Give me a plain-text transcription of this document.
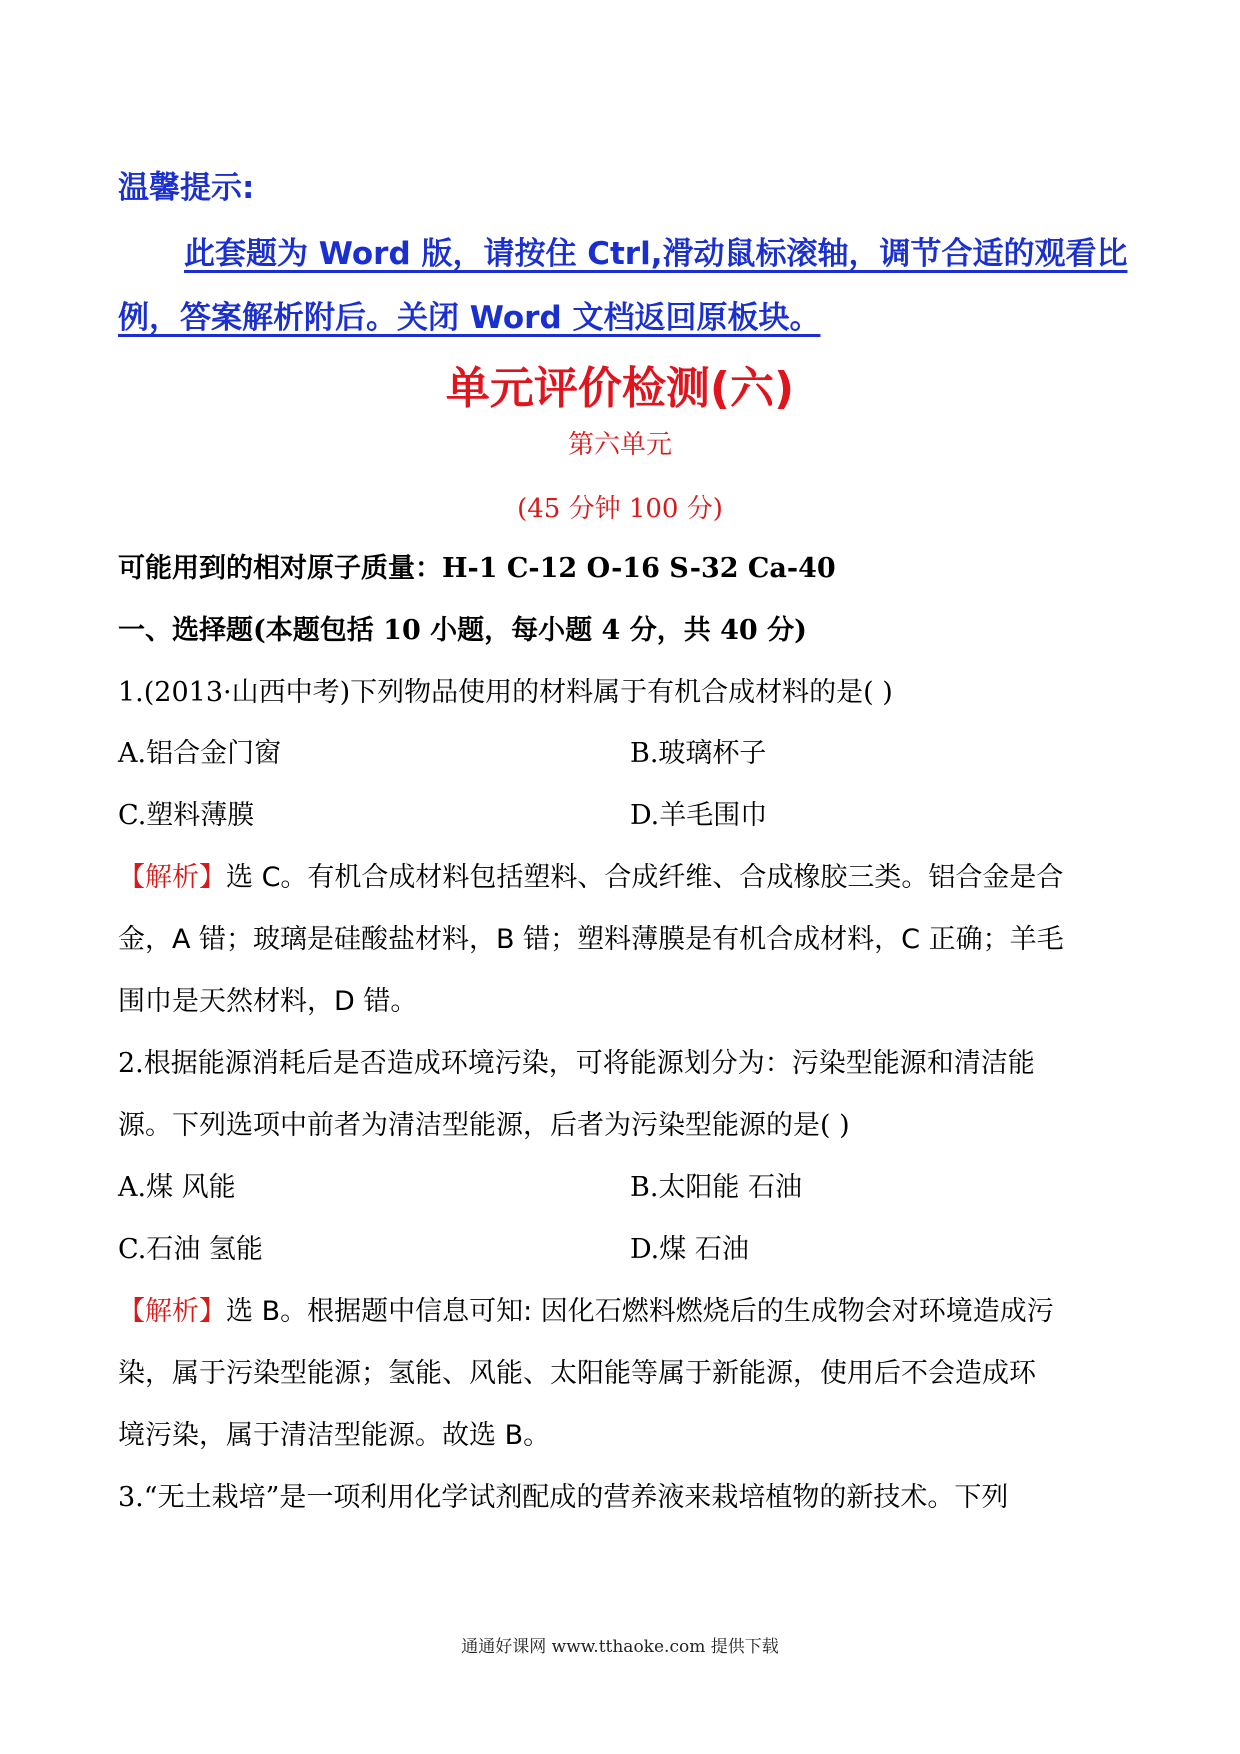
温馨提示:
此套题为 Word 版，请按住 Ctrl,滑动鼠标滚轴，调节合适的观看比例，答案解析附后。关闭 Word 文档返回原板块。
单元评价检测(六)
第六单元
(45 分钟 100 分)
可能用到的相对原子质量：H-1 C-12 O-16 S-32 Ca-40
一、选择题(本题包括 10 小题，每小题 4 分，共 40 分)
1.(2013·山西中考)下列物品使用的材料属于有机合成材料的是( )
A.铝合金门窗	B.玻璃杯子
C.塑料薄膜	D.羊毛围巾
【解析】选 C。有机合成材料包括塑料、合成纤维、合成橡胶三类。铝合金是合
金，A 错；玻璃是硅酸盐材料，B 错；塑料薄膜是有机合成材料，C 正确；羊毛
围巾是天然材料，D 错。
2.根据能源消耗后是否造成环境污染，可将能源划分为：污染型能源和清洁能
源。下列选项中前者为清洁型能源，后者为污染型能源的是( )
A.煤 风能	B.太阳能 石油
C.石油 氢能	D.煤 石油
【解析】选 B。根据题中信息可知: 因化石燃料燃烧后的生成物会对环境造成污
染，属于污染型能源；氢能、风能、太阳能等属于新能源，使用后不会造成环
境污染，属于清洁型能源。故选 B。
3.“无土栽培”是一项利用化学试剂配成的营养液来栽培植物的新技术。下列
通通好课网 www.tthaoke.com 提供下载
